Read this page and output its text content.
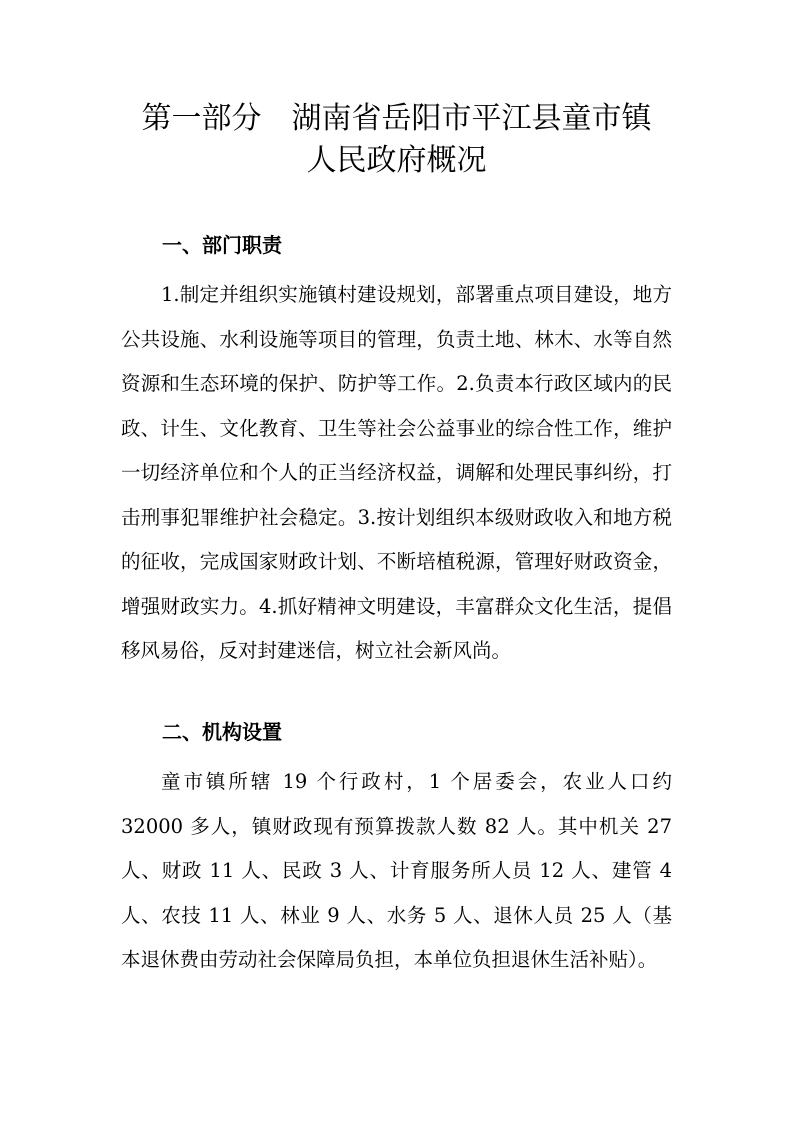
第一部分　湖南省岳阳市平江县童市镇
人民政府概况
一、部门职责
1.制定并组织实施镇村建设规划，部署重点项目建设，地方公共设施、水利设施等项目的管理，负责土地、林木、水等自然资源和生态环境的保护、防护等工作。2.负责本行政区域内的民政、计生、文化教育、卫生等社会公益事业的综合性工作，维护一切经济单位和个人的正当经济权益，调解和处理民事纠纷，打击刑事犯罪维护社会稳定。3.按计划组织本级财政收入和地方税的征收，完成国家财政计划、不断培植税源，管理好财政资金，增强财政实力。4.抓好精神文明建设，丰富群众文化生活，提倡移风易俗，反对封建迷信，树立社会新风尚。
二、机构设置
童市镇所辖 19 个行政村，1 个居委会，农业人口约 32000 多人，镇财政现有预算拨款人数 82 人。其中机关 27 人、财政 11 人、民政 3 人、计育服务所人员 12 人、建管 4 人、农技 11 人、林业 9 人、水务 5 人、退休人员 25 人（基本退休费由劳动社会保障局负担，本单位负担退休生活补贴）。
